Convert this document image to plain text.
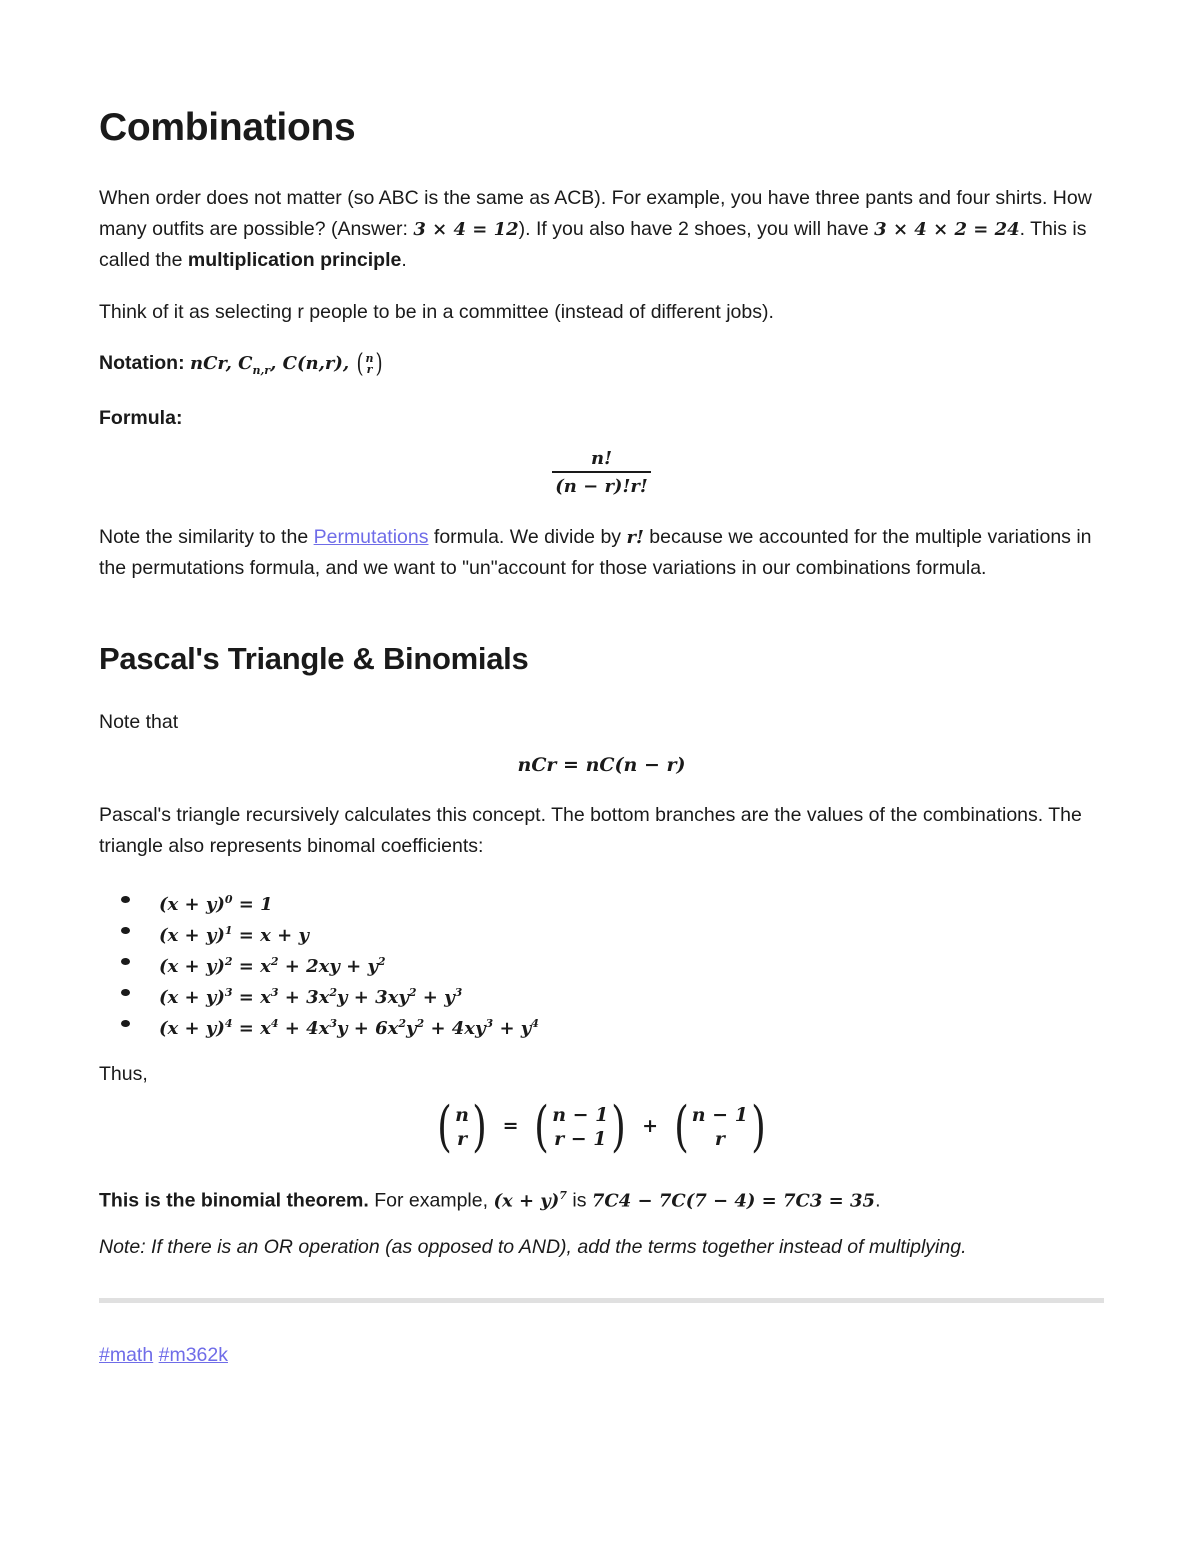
Combinations

When order does not matter (so ABC is the same as ACB). For example, you have three pants and four shirts. How many outfits are possible? (Answer: 3 × 4 = 12). If you also have 2 shoes, you will have 3 × 4 × 2 = 24. This is called the multiplication principle.

Think of it as selecting r people to be in a committee (instead of different jobs).

Notation: nCr, $C_{n,r}$, C(n,r), ( n
r )

Formula:

$\frac{n!}{(n - r)!r!}$

Note the similarity to the Permutations formula. We divide by r! because we accounted for the multiple variations in the permutations formula, and we want to "un"account for those variations in our combinations formula.

Pascal's Triangle & Binomials

Note that

nCr = nC(n − r)

Pascal's triangle recursively calculates this concept. The bottom branches are the values of the combinations. The triangle also represents binomal coefficients:

$(x + y)^0 = 1$
$(x + y)^1 = x + y$
$(x + y)^2 = x^2 + 2xy + y^2$
$(x + y)^3 = x^3 + 3x^2y + 3xy^2 + y^3$
$(x + y)^4 = x^4 + 4x^3y + 6x^2y^2 + 4xy^3 + y^4$

Thus,

( n
r ) = ( n − 1
r − 1 ) + ( n − 1
r )

This is the binomial theorem. For example, $(x + y)^7$ is 7C4 − 7C(7 − 4) = 7C3 = 35.

Note: If there is an OR operation (as opposed to AND), add the terms together instead of multiplying.

#math #m362k
